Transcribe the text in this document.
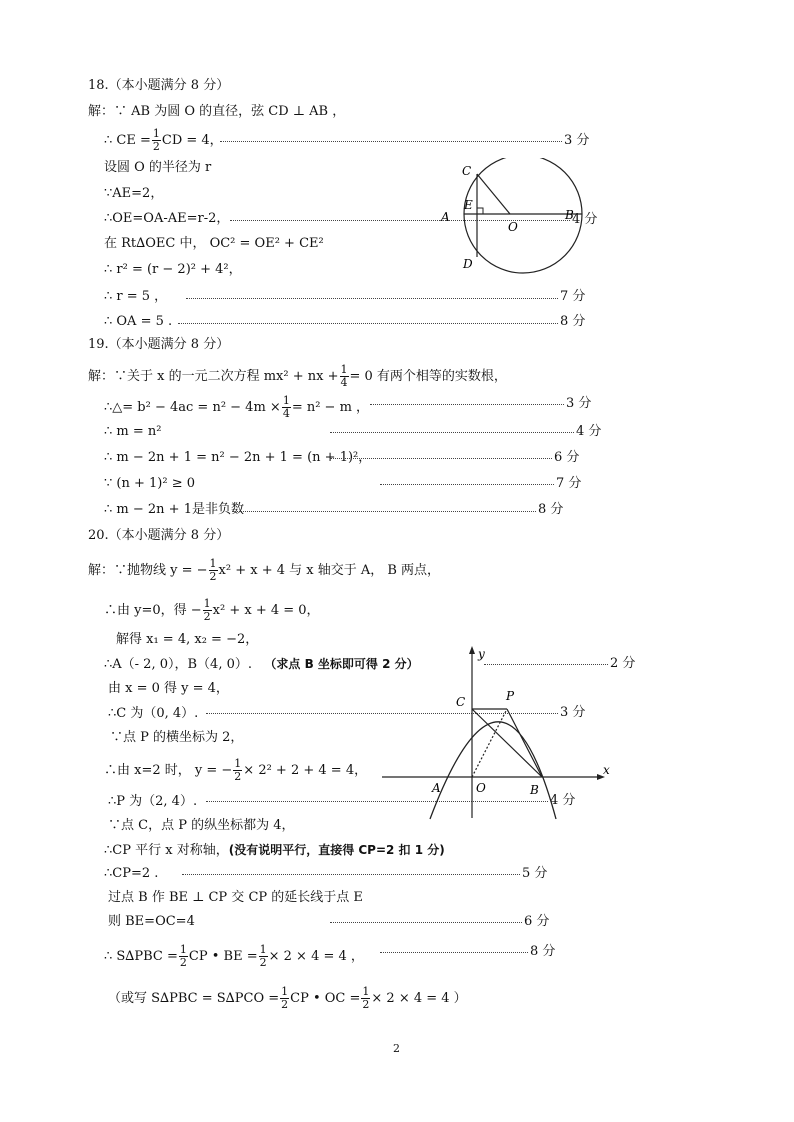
18.（本小题满分 8 分）
解：∵ AB 为圆 O 的直径，弦 CD ⊥ AB ，
∴ CE = $\frac{1}{2}$ CD = 4，	3 分
设圆 O 的半径为 r
∵AE=2，
∴OE=OA-AE=r-2，	4 分
在 Rt∆OEC 中， OC² = OE² + CE²
∴ r² = (r − 2)² + 4²，
∴ r = 5 ，	7 分
∴ OA = 5 .	8 分
C
E
A	B
O
D
19.（本小题满分 8 分）
解：∵关于 x 的一元二次方程 mx² + nx + $\frac{1}{4} = 0$ 有两个相等的实数根，
∴△= $b^2 - 4ac = n^2 - 4m \times \frac{1}{4} = n^2 - m$ ，	3 分
∴ m = n²	4 分
∴ m − 2n + 1 = n² − 2n + 1 = (n + 1)²，	6 分
∵ (n + 1)² ≥ 0	7 分
∴ m − 2n + 1是非负数	8 分
20.（本小题满分 8 分）
解：∵抛物线 y = − $\frac{1}{2} x^2 + x + 4$ 与 x 轴交于 A， B 两点，
∴由 y=0，得 − $\frac{1}{2} x^2 + x + 4 = 0$，
解得 x₁ = 4, x₂ = −2，
∴A（- 2, 0），B（4, 0）. （求点 B 坐标即可得 2 分）	2 分
由 x = 0 得 y = 4，
∴C 为（0, 4）.	3 分
∵点 P 的横坐标为 2，
∴由 x=2 时， y = − $\frac{1}{2} \times 2^2 + 2 + 4 = 4$，
∴P 为（2, 4）.	4 分
∵点 C，点 P 的纵坐标都为 4，
∴CP 平行 x 对称轴，(没有说明平行，直接得 CP=2 扣 1 分)
∴CP=2 .	5 分
过点 B 作 BE ⊥ CP 交 CP 的延长线于点 E
则 BE=OC=4	6 分
∴ $S\Delta PBC = \frac{1}{2}$ CP • BE = $\frac{1}{2} \times 2 \times 4 = 4$ ，	8 分
（或写 $S\Delta PBC = S\Delta PCO = \frac{1}{2}$ CP • OC = $\frac{1}{2} \times 2 \times 4 = 4$ ）
y
x
C	P
A	O	B
2
